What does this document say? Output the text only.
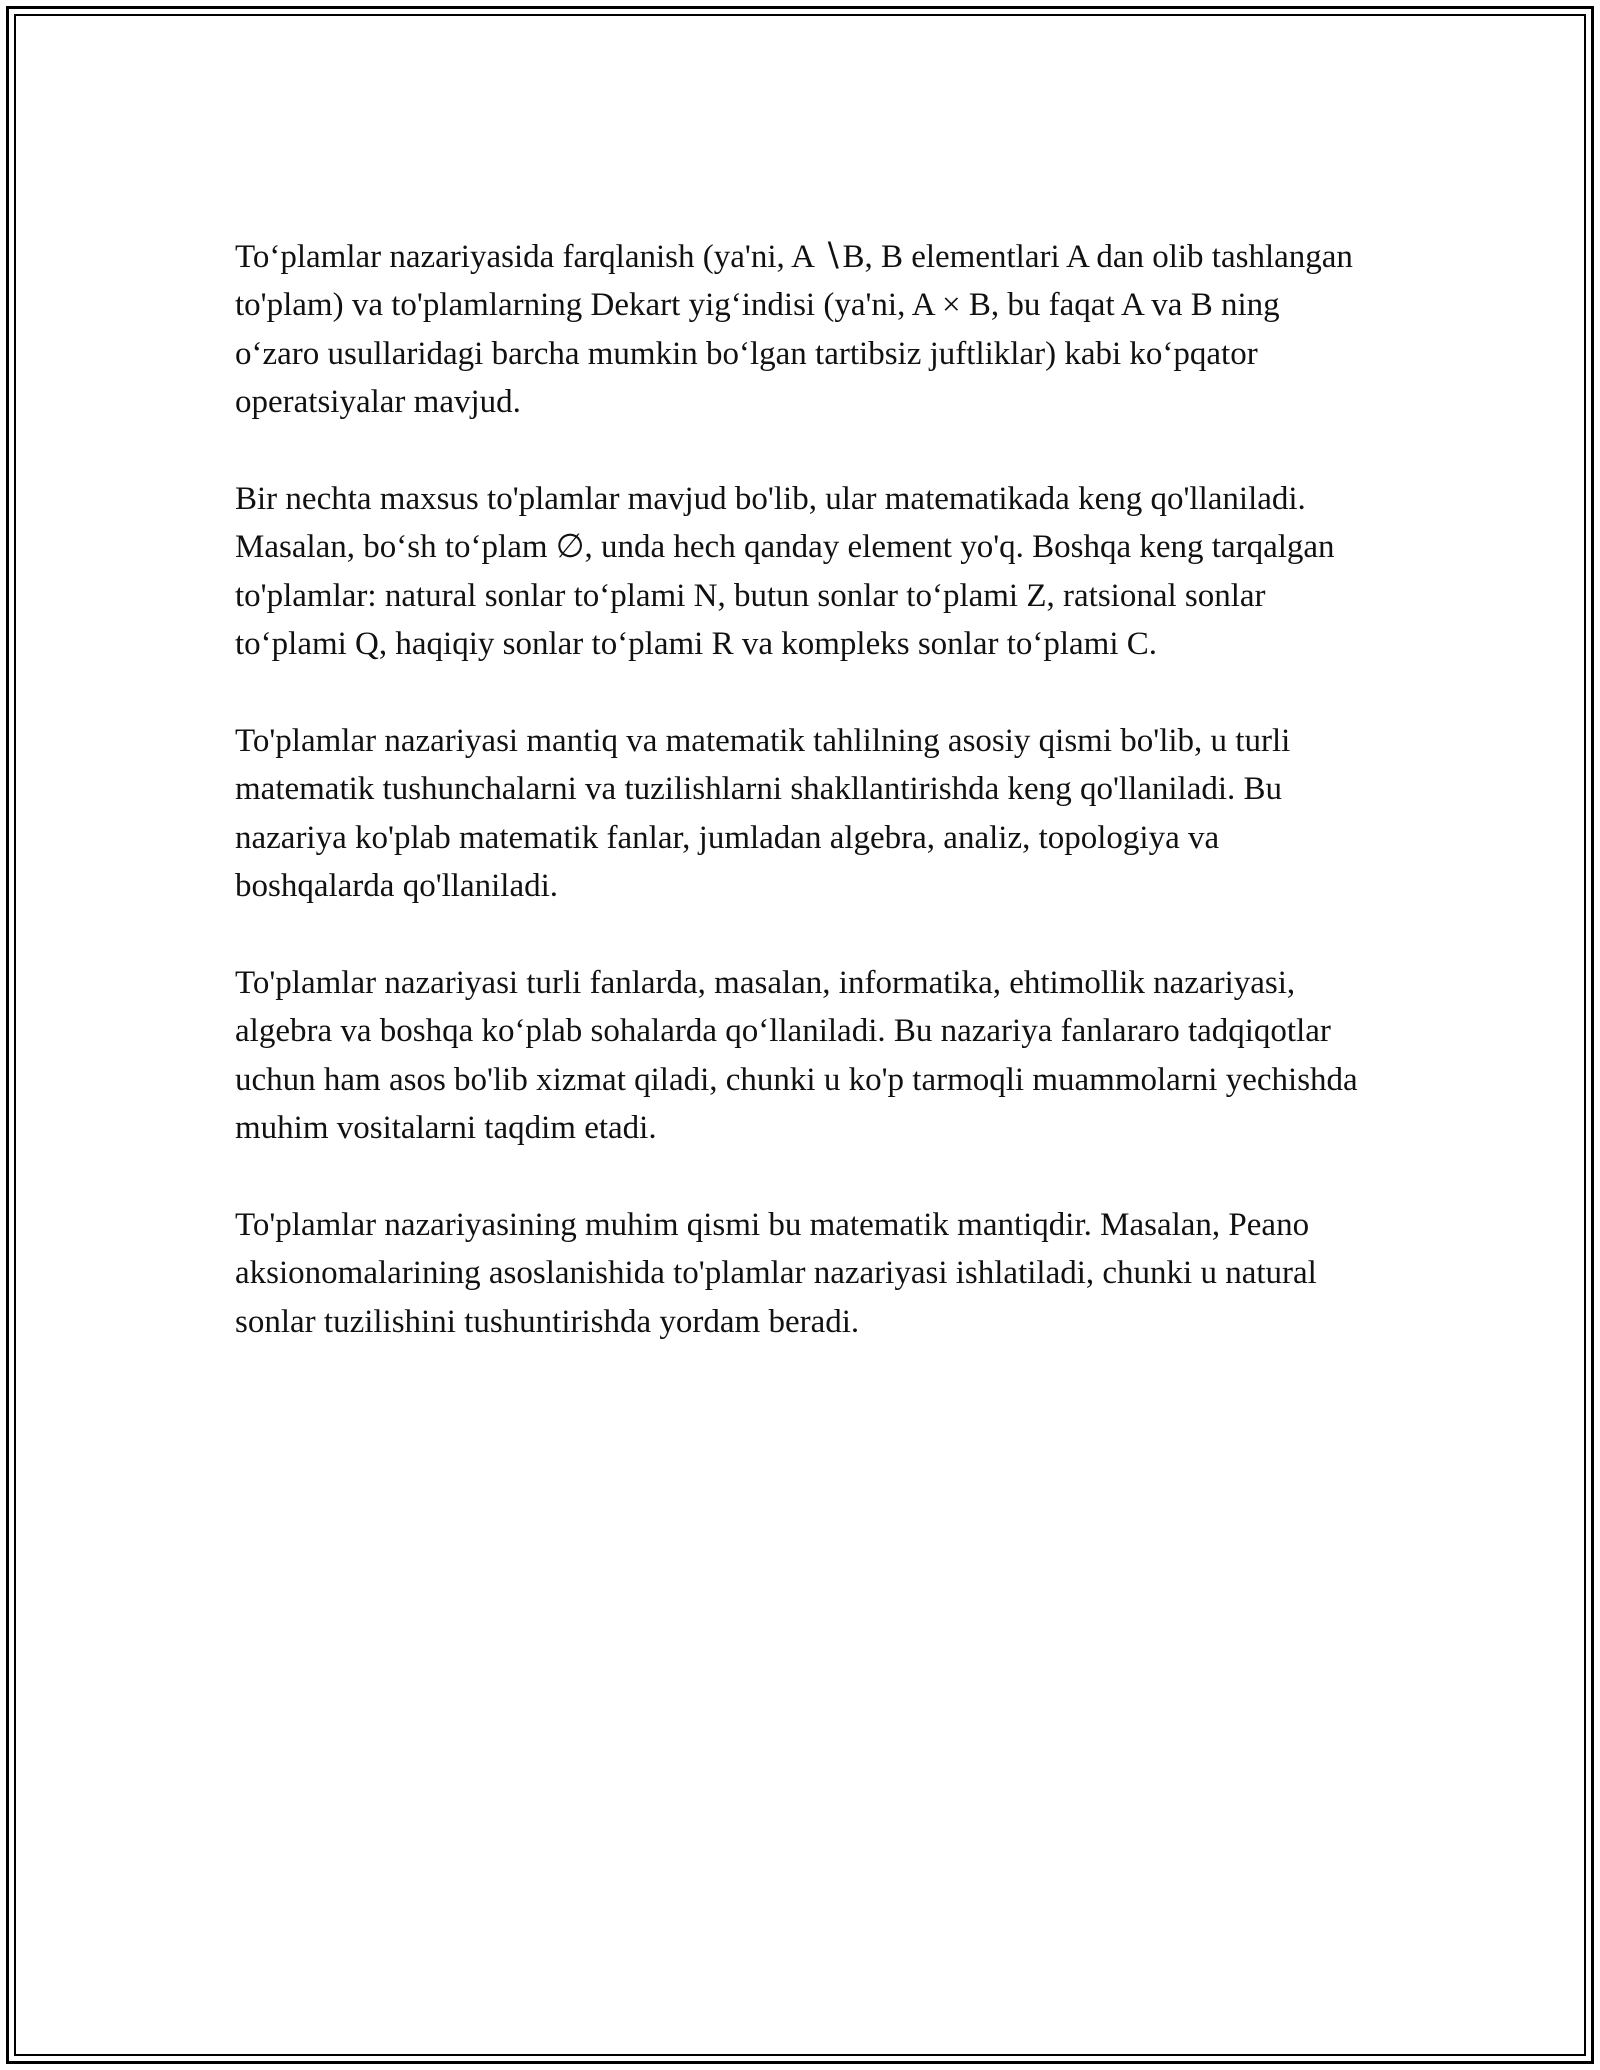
To‘plamlar nazariyasida farqlanish (ya'ni, A ∖B, B elementlari A dan olib tashlangan to'plam) va to'plamlarning Dekart yig‘indisi (ya'ni, A × B, bu faqat A va B ning o‘zaro usullaridagi barcha mumkin bo‘lgan tartibsiz juftliklar) kabi ko‘pqator operatsiyalar mavjud.

Bir nechta maxsus to'plamlar mavjud bo'lib, ular matematikada keng qo'llaniladi. Masalan, bo‘sh to‘plam ∅, unda hech qanday element yo'q. Boshqa keng tarqalgan to'plamlar: natural sonlar to‘plami N, butun sonlar to‘plami Z, ratsional sonlar to‘plami Q, haqiqiy sonlar to‘plami R va kompleks sonlar to‘plami C.

To'plamlar nazariyasi mantiq va matematik tahlilning asosiy qismi bo'lib, u turli matematik tushunchalarni va tuzilishlarni shakllantirishda keng qo'llaniladi. Bu nazariya ko'plab matematik fanlar, jumladan algebra, analiz, topologiya va boshqalarda qo'llaniladi.

To'plamlar nazariyasi turli fanlarda, masalan, informatika, ehtimollik nazariyasi, algebra va boshqa ko‘plab sohalarda qo‘llaniladi. Bu nazariya fanlararo tadqiqotlar uchun ham asos bo'lib xizmat qiladi, chunki u ko'p tarmoqli muammolarni yechishda muhim vositalarni taqdim etadi.

To'plamlar nazariyasining muhim qismi bu matematik mantiqdir. Masalan, Peano aksionomalarining asoslanishida to'plamlar nazariyasi ishlatiladi, chunki u natural sonlar tuzilishini tushuntirishda yordam beradi.
